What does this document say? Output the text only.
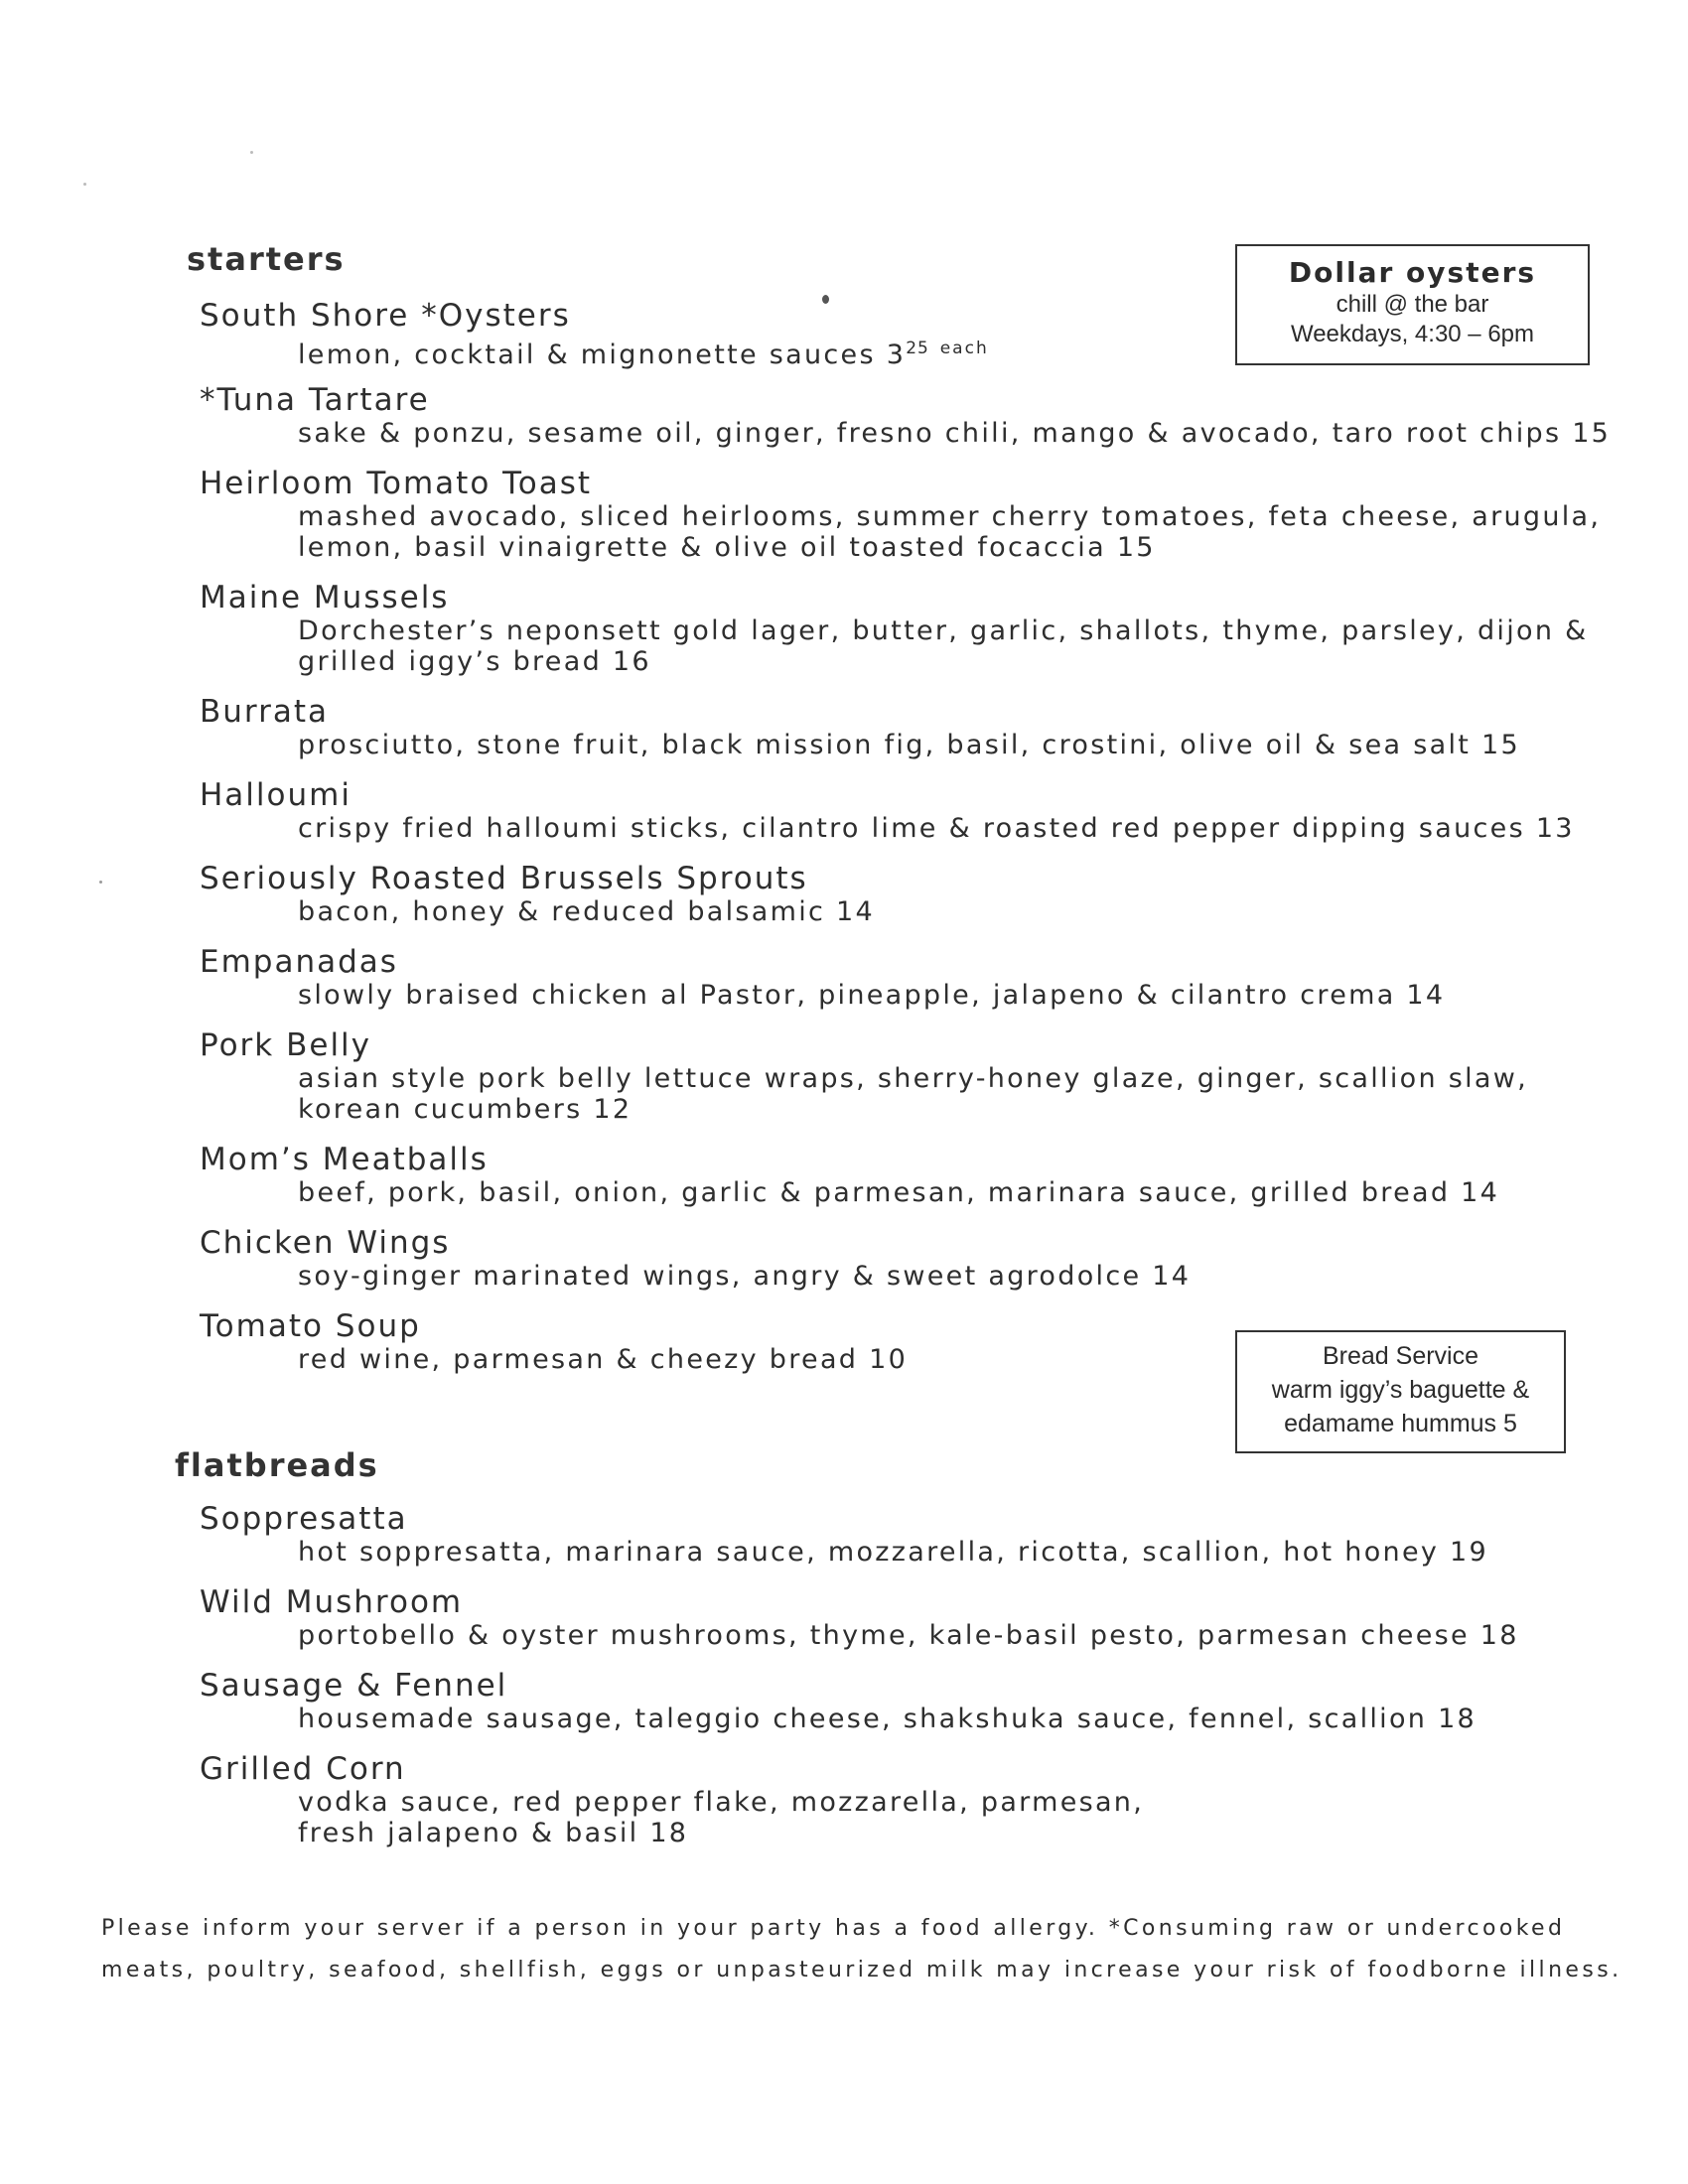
starters
South Shore *Oysters
lemon, cocktail & mignonette sauces $3^{25}$ $^{each}$
*Tuna Tartare
sake & ponzu, sesame oil, ginger, fresno chili, mango & avocado, taro root chips 15
Heirloom Tomato Toast
mashed avocado, sliced heirlooms, summer cherry tomatoes, feta cheese, arugula,
lemon, basil vinaigrette & olive oil toasted focaccia 15
Maine Mussels
Dorchester’s neponsett gold lager, butter, garlic, shallots, thyme, parsley, dijon &
grilled iggy’s bread 16
Burrata
prosciutto, stone fruit, black mission fig, basil, crostini, olive oil & sea salt 15
Halloumi
crispy fried halloumi sticks, cilantro lime & roasted red pepper dipping sauces 13
Seriously Roasted Brussels Sprouts
bacon, honey & reduced balsamic 14
Empanadas
slowly braised chicken al Pastor, pineapple, jalapeno & cilantro crema 14
Pork Belly
asian style pork belly lettuce wraps, sherry-honey glaze, ginger, scallion slaw,
korean cucumbers 12
Mom’s Meatballs
beef, pork, basil, onion, garlic & parmesan, marinara sauce, grilled bread 14
Chicken Wings
soy-ginger marinated wings, angry & sweet agrodolce 14
Tomato Soup
red wine, parmesan & cheezy bread 10
flatbreads
Soppresatta
hot soppresatta, marinara sauce, mozzarella, ricotta, scallion, hot honey 19
Wild Mushroom
portobello & oyster mushrooms, thyme, kale-basil pesto, parmesan cheese 18
Sausage & Fennel
housemade sausage, taleggio cheese, shakshuka sauce, fennel, scallion 18
Grilled Corn
vodka sauce, red pepper flake, mozzarella, parmesan,
fresh jalapeno & basil 18
Dollar oysters
chill @ the bar
Weekdays, 4:30 – 6pm
Bread Service
warm iggy’s baguette &
edamame hummus 5

Please inform your server if a person in your party has a food allergy. *Consuming raw or undercooked meats, poultry, seafood, shellfish, eggs or unpasteurized milk may increase your risk of foodborne illness.
